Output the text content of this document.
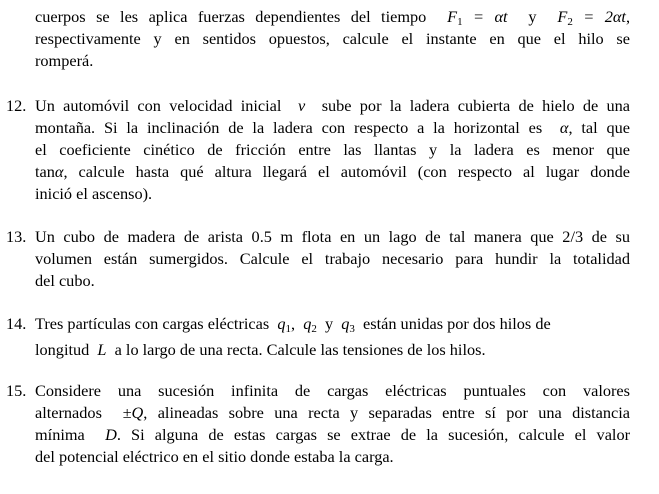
cuerpos se les aplica fuerzas dependientes del tiempo $F_1 = \alpha t$ y $F_2 = 2\alpha t$,
respectivamente y en sentidos opuestos, calcule el instante en que el hilo se
romperá.
12. Un automóvil con velocidad inicial v sube por la ladera cubierta de hielo de una
montaña. Si la inclinación de la ladera con respecto a la horizontal es α, tal que
el coeficiente cinético de fricción entre las llantas y la ladera es menor que
tanα, calcule hasta qué altura llegará el automóvil (con respecto al lugar donde
inició el ascenso).
13. Un cubo de madera de arista 0.5 m flota en un lago de tal manera que 2/3 de su
volumen están sumergidos. Calcule el trabajo necesario para hundir la totalidad
del cubo.
14. Tres partículas con cargas eléctricas $q_1$, $q_2$ y $q_3$ están unidas por dos hilos de
longitud L a lo largo de una recta. Calcule las tensiones de los hilos.
15. Considere una sucesión infinita de cargas eléctricas puntuales con valores
alternados ±Q, alineadas sobre una recta y separadas entre sí por una distancia
mínima D. Si alguna de estas cargas se extrae de la sucesión, calcule el valor
del potencial eléctrico en el sitio donde estaba la carga.
